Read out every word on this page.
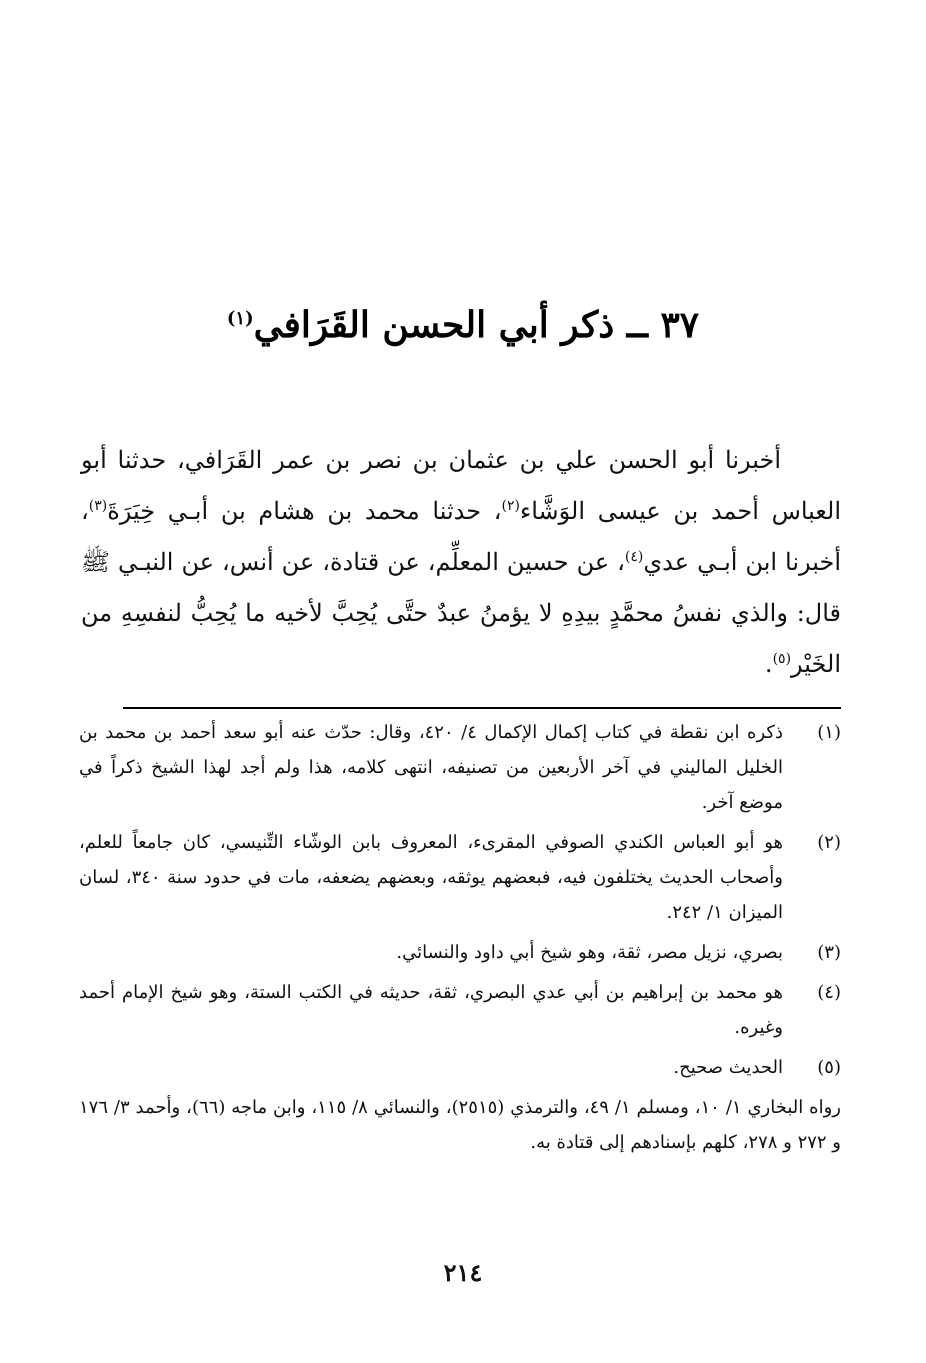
٣٧ ــ ذكر أبي الحسن القَرَافي$^{(١)}$

أخبرنا أبو الحسن علي بن عثمان بن نصر بن عمر القَرَافي، حدثنا أبو العباس أحمد بن عيسى الوَشَّاء$^{(٢)}$، حدثنا محمد بن هشام بن أبـي خِيَرَةَ$^{(٣)}$، أخبرنا ابن أبـي عدي$^{(٤)}$، عن حسين المعلِّم، عن قتادة، عن أنس، عن النبـي ﷺ قال: والذي نفسُ محمَّدٍ بيدِهِ لا يؤمنُ عبدٌ حتَّى يُحِبَّ لأخيه ما يُحِبُّ لنفسِهِ من الخَيْر$^{(٥)}$.

(١)
ذكره ابن نقطة في كتاب إكمال الإكمال ٤/ ٤٢٠، وقال: حدّث عنه أبو سعد أحمد بن محمد بن الخليل الماليني في آخر الأربعين من تصنيفه، انتهى كلامه، هذا ولم أجد لهذا الشيخ ذكراً في موضع آخر.
(٢)
هو أبو العباس الكندي الصوفي المقرىء، المعروف بابن الوشّاء التِّنيسي، كان جامعاً للعلم، وأصحاب الحديث يختلفون فيه، فبعضهم يوثقه، وبعضهم يضعفه، مات في حدود سنة ٣٤٠، لسان الميزان ١/ ٢٤٢.
(٣)
بصري، نزيل مصر، ثقة، وهو شيخ أبي داود والنسائي.
(٤)
هو محمد بن إبراهيم بن أبي عدي البصري، ثقة، حديثه في الكتب الستة، وهو شيخ الإمام أحمد وغيره.
(٥)
الحديث صحيح.
رواه البخاري ١/ ١٠، ومسلم ١/ ٤٩، والترمذي (٢٥١٥)، والنسائي ٨/ ١١٥، وابن ماجه (٦٦)، وأحمد ٣/ ١٧٦ و ٢٧٢ و ٢٧٨، كلهم بإسنادهم إلى قتادة به.
٢١٤
